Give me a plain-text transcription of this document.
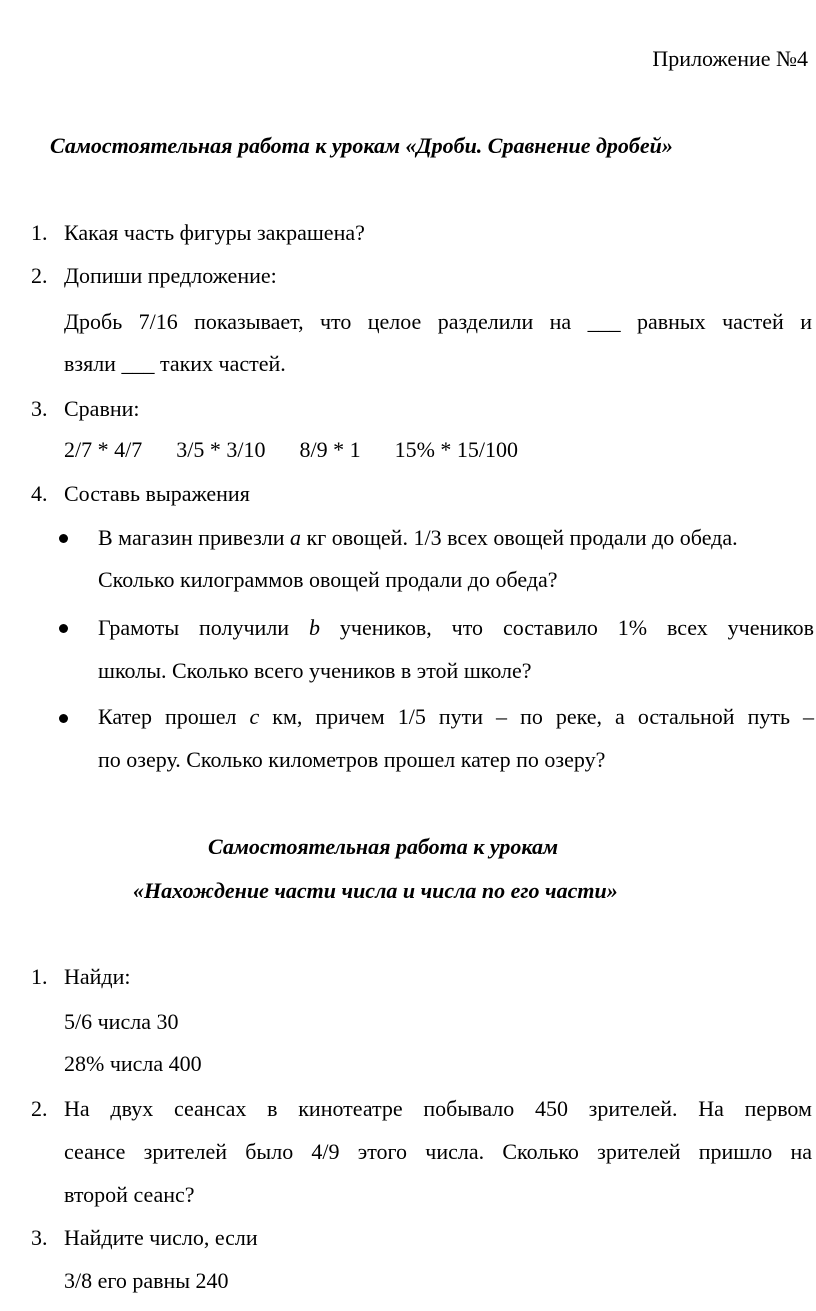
Приложение №4
Самостоятельная работа к урокам «Дроби. Сравнение дробей»
1. Какая часть фигуры закрашена?
2. Допиши предложение:
Дробь 7/16 показывает, что целое разделили на ___ равных частей и
взяли ___ таких частей.
3. Сравни:
2/7 * 4/7 3/5 * 3/10 8/9 * 1 15% * 15/100
4. Составь выражения
В магазин привезли a кг овощей. 1/3 всех овощей продали до обеда.
Сколько килограммов овощей продали до обеда?
Грамоты получили b учеников, что составило 1% всех учеников
школы. Сколько всего учеников в этой школе?
Катер прошел c км, причем 1/5 пути – по реке, а остальной путь –
по озеру. Сколько километров прошел катер по озеру?
Самостоятельная работа к урокам
«Нахождение части числа и числа по его части»
1. Найди:
5/6 числа 30
28% числа 400
2. На двух сеансах в кинотеатре побывало 450 зрителей. На первом
сеансе зрителей было 4/9 этого числа. Сколько зрителей пришло на
второй сеанс?
3. Найдите число, если
3/8 его равны 240
